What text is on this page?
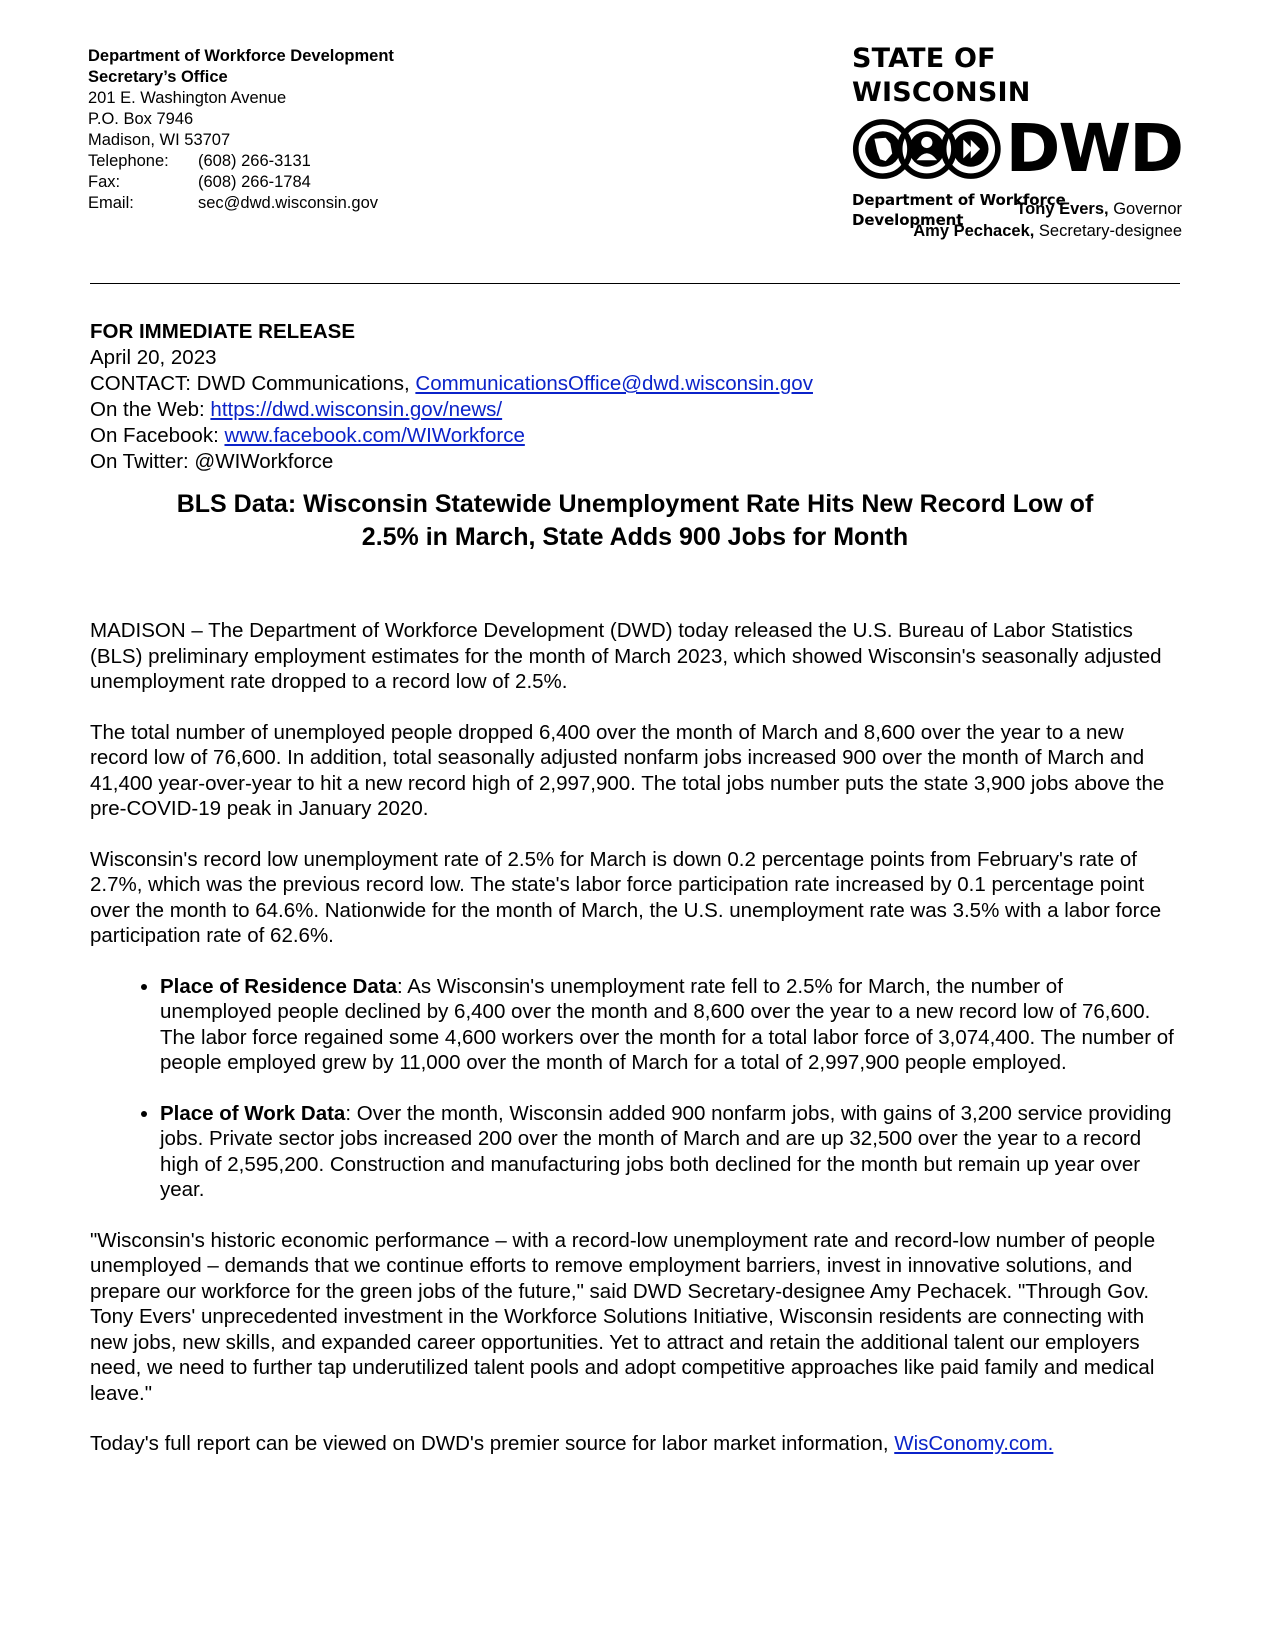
Department of Workforce Development
Secretary’s Office
201 E. Washington Avenue
P.O. Box 7946
Madison, WI 53707
Telephone:	(608) 266-3131
Fax:	(608) 266-1784
Email:	sec@dwd.wisconsin.gov
STATE OF WISCONSIN
DWD
Department of Workforce Development
Tony Evers, Governor
Amy Pechacek, Secretary-designee
FOR IMMEDIATE RELEASE
April 20, 2023
CONTACT: DWD Communications, CommunicationsOffice@dwd.wisconsin.gov
On the Web: https://dwd.wisconsin.gov/news/
On Facebook: www.facebook.com/WIWorkforce
On Twitter: @WIWorkforce
BLS Data: Wisconsin Statewide Unemployment Rate Hits New Record Low of
2.5% in March, State Adds 900 Jobs for Month

MADISON – The Department of Workforce Development (DWD) today released the U.S. Bureau of Labor Statistics (BLS) preliminary employment estimates for the month of March 2023, which showed Wisconsin's seasonally adjusted unemployment rate dropped to a record low of 2.5%.

The total number of unemployed people dropped 6,400 over the month of March and 8,600 over the year to a new record low of 76,600. In addition, total seasonally adjusted nonfarm jobs increased 900 over the month of March and 41,400 year-over-year to hit a new record high of 2,997,900. The total jobs number puts the state 3,900 jobs above the pre-COVID-19 peak in January 2020.

Wisconsin's record low unemployment rate of 2.5% for March is down 0.2 percentage points from February's rate of 2.7%, which was the previous record low. The state's labor force participation rate increased by 0.1 percentage point over the month to 64.6%. Nationwide for the month of March, the U.S. unemployment rate was 3.5% with a labor force participation rate of 62.6%.

• Place of Residence Data: As Wisconsin's unemployment rate fell to 2.5% for March, the number of unemployed people declined by 6,400 over the month and 8,600 over the year to a new record low of 76,600. The labor force regained some 4,600 workers over the month for a total labor force of 3,074,400. The number of people employed grew by 11,000 over the month of March for a total of 2,997,900 people employed.
• Place of Work Data: Over the month, Wisconsin added 900 nonfarm jobs, with gains of 3,200 service providing jobs. Private sector jobs increased 200 over the month of March and are up 32,500 over the year to a record high of 2,595,200. Construction and manufacturing jobs both declined for the month but remain up year over year.

"Wisconsin's historic economic performance – with a record-low unemployment rate and record-low number of people unemployed – demands that we continue efforts to remove employment barriers, invest in innovative solutions, and prepare our workforce for the green jobs of the future," said DWD Secretary-designee Amy Pechacek. "Through Gov. Tony Evers' unprecedented investment in the Workforce Solutions Initiative, Wisconsin residents are connecting with new jobs, new skills, and expanded career opportunities. Yet to attract and retain the additional talent our employers need, we need to further tap underutilized talent pools and adopt competitive approaches like paid family and medical leave."

Today's full report can be viewed on DWD's premier source for labor market information, WisConomy.com.
